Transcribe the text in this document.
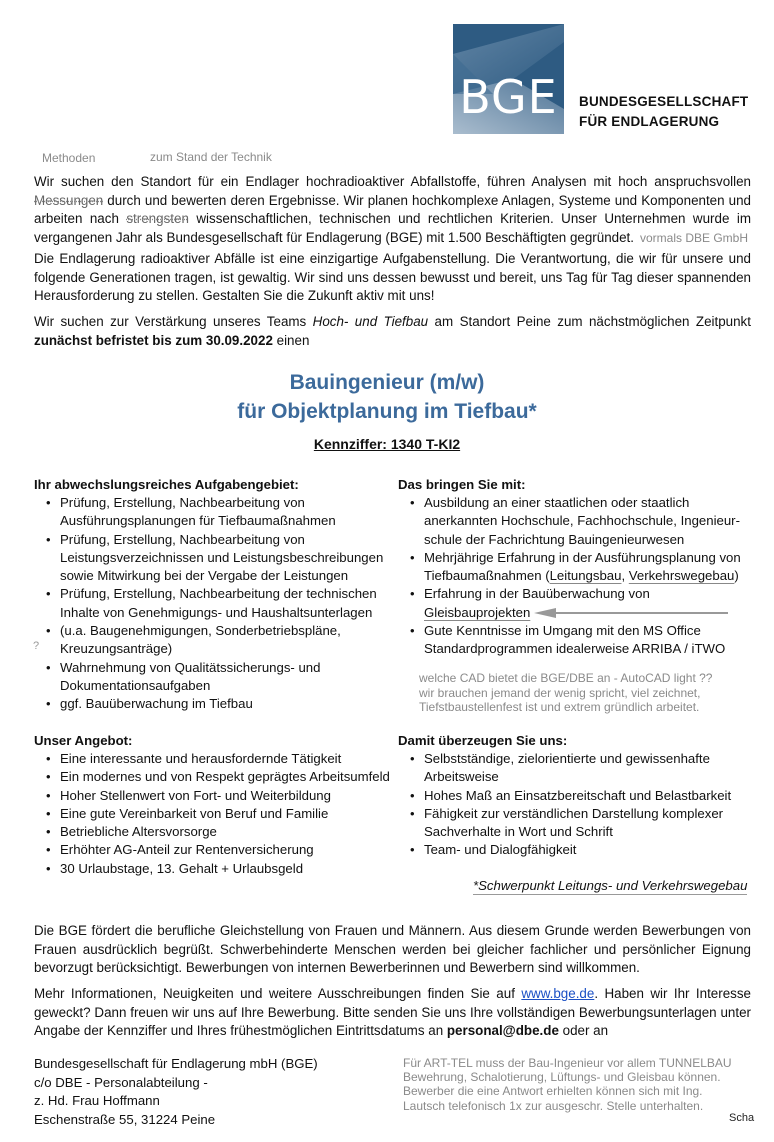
BGE	BUNDESGESELLSCHAFT
FÜR ENDLAGERUNG
Methoden	zum Stand der Technik
Wir suchen den Standort für ein Endlager hochradioaktiver Abfallstoffe, führen Analysen mit hoch anspruchsvollen Messungen durch und bewerten deren Ergebnisse. Wir planen hochkomplexe Anlagen, Systeme und Komponenten und arbeiten nach strengsten wissenschaftlichen, technischen und rechtlichen Kriterien. Unser Unternehmen wurde im vergangenen Jahr als Bundesgesellschaft für Endlagerung (BGE) mit 1.500 Beschäftigten gegründet. vormals DBE GmbH
Die Endlagerung radioaktiver Abfälle ist eine einzigartige Aufgabenstellung. Die Verantwortung, die wir für unsere und folgende Generationen tragen, ist gewaltig. Wir sind uns dessen bewusst und bereit, uns Tag für Tag dieser spannenden Herausforderung zu stellen. Gestalten Sie die Zukunft aktiv mit uns!
Wir suchen zur Verstärkung unseres Teams Hoch- und Tiefbau am Standort Peine zum nächstmöglichen Zeitpunkt zunächst befristet bis zum 30.09.2022 einen
Bauingenieur (m/w)
für Objektplanung im Tiefbau*
Kennziffer: 1340 T-KI2
Ihr abwechslungsreiches Aufgabengebiet:
• Prüfung, Erstellung, Nachbearbeitung von Ausführungsplanungen für Tiefbaumaßnahmen
• Prüfung, Erstellung, Nachbearbeitung von Leistungsverzeichnissen und Leistungsbeschreibungen sowie Mitwirkung bei der Vergabe der Leistungen
• Prüfung, Erstellung, Nachbearbeitung der technischen Inhalte von Genehmigungs- und Haushaltsunterlagen
• (u.a. Baugenehmigungen, Sonderbetriebspläne, Kreuzungsanträge)
• Wahrnehmung von Qualitätssicherungs- und Dokumentationsaufgaben
• ggf. Bauüberwachung im Tiefbau
?
Das bringen Sie mit:
• Ausbildung an einer staatlichen oder staatlich anerkannten Hochschule, Fachhochschule, Ingenieur-schule der Fachrichtung Bauingenieurwesen
• Mehrjährige Erfahrung in der Ausführungsplanung von Tiefbaumaßnahmen (Leitungsbau, Verkehrswegebau)
• Erfahrung in der Bauüberwachung von Gleisbauprojekten
• Gute Kenntnisse im Umgang mit den MS Office Standardprogrammen idealerweise ARRIBA / iTWO
welche CAD bietet die BGE/DBE an - AutoCAD light ??
wir brauchen jemand der wenig spricht, viel zeichnet,
Tiefstbaustellenfest ist und extrem gründlich arbeitet.
Unser Angebot:
• Eine interessante und herausfordernde Tätigkeit
• Ein modernes und von Respekt geprägtes Arbeitsumfeld
• Hoher Stellenwert von Fort- und Weiterbildung
• Eine gute Vereinbarkeit von Beruf und Familie
• Betriebliche Altersvorsorge
• Erhöhter AG-Anteil zur Rentenversicherung
• 30 Urlaubstage, 13. Gehalt + Urlaubsgeld
Damit überzeugen Sie uns:
• Selbstständige, zielorientierte und gewissenhafte Arbeitsweise
• Hohes Maß an Einsatzbereitschaft und Belastbarkeit
• Fähigkeit zur verständlichen Darstellung komplexer Sachverhalte in Wort und Schrift
• Team- und Dialogfähigkeit
*Schwerpunkt Leitungs- und Verkehrswegebau
Die BGE fördert die berufliche Gleichstellung von Frauen und Männern. Aus diesem Grunde werden Bewerbungen von Frauen ausdrücklich begrüßt. Schwerbehinderte Menschen werden bei gleicher fachlicher und persönlicher Eignung bevorzugt berücksichtigt. Bewerbungen von internen Bewerberinnen und Bewerbern sind willkommen.
Mehr Informationen, Neuigkeiten und weitere Ausschreibungen finden Sie auf www.bge.de. Haben wir Ihr Interesse geweckt? Dann freuen wir uns auf Ihre Bewerbung. Bitte senden Sie uns Ihre vollständigen Bewerbungsunterlagen unter Angabe der Kennziffer und Ihres frühestmöglichen Eintrittsdatums an personal@dbe.de oder an
Bundesgesellschaft für Endlagerung mbH (BGE)
c/o DBE - Personalabteilung -
z. Hd. Frau Hoffmann
Eschenstraße 55, 31224 Peine
Für ART-TEL muss der Bau-Ingenieur vor allem TUNNELBAU
Bewehrung, Schalotierung, Lüftungs- und Gleisbau können.
Bewerber die eine Antwort erhielten können sich mit Ing.
Lautsch telefonisch 1x zur ausgeschr. Stelle unterhalten.
Scha
